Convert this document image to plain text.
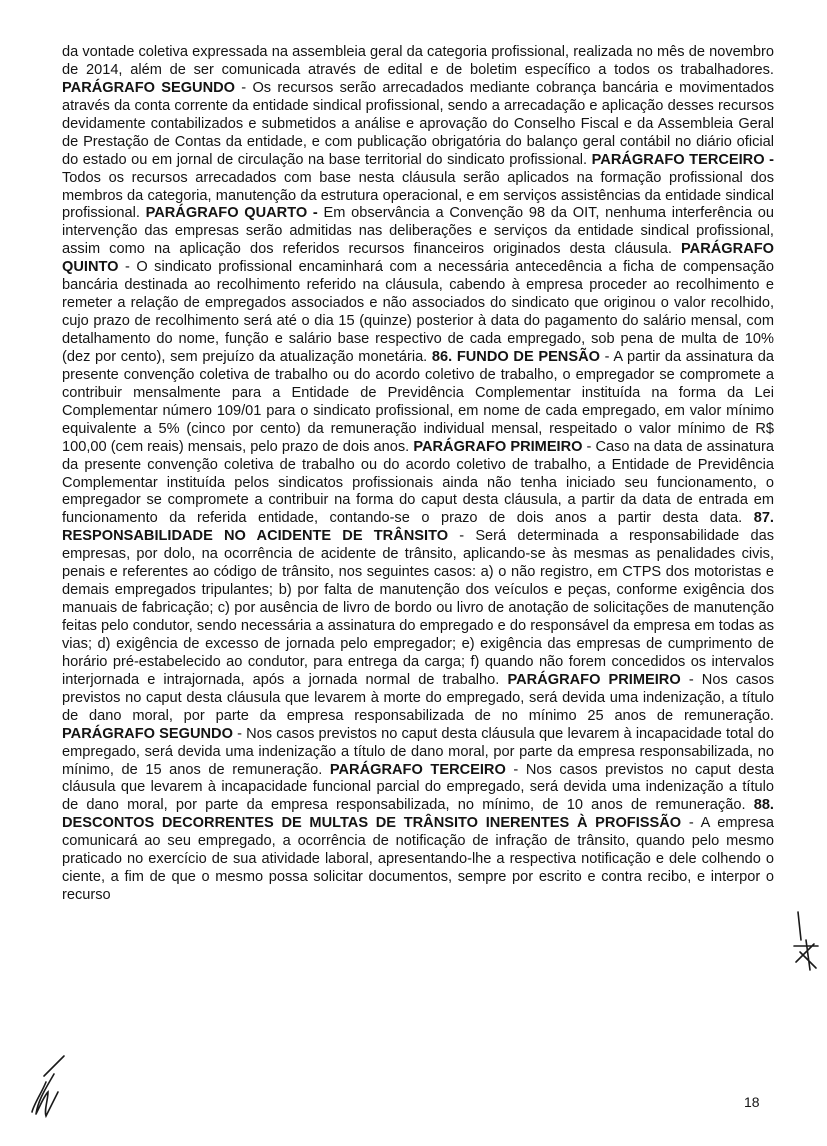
da vontade coletiva expressada na assembleia geral da categoria profissional, realizada no mês de novembro de 2014, além de ser comunicada através de edital e de boletim específico a todos os trabalhadores. PARÁGRAFO SEGUNDO - Os recursos serão arrecadados mediante cobrança bancária e movimentados através da conta corrente da entidade sindical profissional, sendo a arrecadação e aplicação desses recursos devidamente contabilizados e submetidos a análise e aprovação do Conselho Fiscal e da Assembleia Geral de Prestação de Contas da entidade, e com publicação obrigatória do balanço geral contábil no diário oficial do estado ou em jornal de circulação na base territorial do sindicato profissional. PARÁGRAFO TERCEIRO - Todos os recursos arrecadados com base nesta cláusula serão aplicados na formação profissional dos membros da categoria, manutenção da estrutura operacional, e em serviços assistências da entidade sindical profissional. PARÁGRAFO QUARTO - Em observância a Convenção 98 da OIT, nenhuma interferência ou intervenção das empresas serão admitidas nas deliberações e serviços da entidade sindical profissional, assim como na aplicação dos referidos recursos financeiros originados desta cláusula. PARÁGRAFO QUINTO - O sindicato profissional encaminhará com a necessária antecedência a ficha de compensação bancária destinada ao recolhimento referido na cláusula, cabendo à empresa proceder ao recolhimento e remeter a relação de empregados associados e não associados do sindicato que originou o valor recolhido, cujo prazo de recolhimento será até o dia 15 (quinze) posterior à data do pagamento do salário mensal, com detalhamento do nome, função e salário base respectivo de cada empregado, sob pena de multa de 10% (dez por cento), sem prejuízo da atualização monetária. 86. FUNDO DE PENSÃO - A partir da assinatura da presente convenção coletiva de trabalho ou do acordo coletivo de trabalho, o empregador se compromete a contribuir mensalmente para a Entidade de Previdência Complementar instituída na forma da Lei Complementar número 109/01 para o sindicato profissional, em nome de cada empregado, em valor mínimo equivalente a 5% (cinco por cento) da remuneração individual mensal, respeitado o valor mínimo de R$ 100,00 (cem reais) mensais, pelo prazo de dois anos. PARÁGRAFO PRIMEIRO - Caso na data de assinatura da presente convenção coletiva de trabalho ou do acordo coletivo de trabalho, a Entidade de Previdência Complementar instituída pelos sindicatos profissionais ainda não tenha iniciado seu funcionamento, o empregador se compromete a contribuir na forma do caput desta cláusula, a partir da data de entrada em funcionamento da referida entidade, contando-se o prazo de dois anos a partir desta data. 87. RESPONSABILIDADE NO ACIDENTE DE TRÂNSITO - Será determinada a responsabilidade das empresas, por dolo, na ocorrência de acidente de trânsito, aplicando-se às mesmas as penalidades civis, penais e referentes ao código de trânsito, nos seguintes casos: a) o não registro, em CTPS dos motoristas e demais empregados tripulantes; b) por falta de manutenção dos veículos e peças, conforme exigência dos manuais de fabricação; c) por ausência de livro de bordo ou livro de anotação de solicitações de manutenção feitas pelo condutor, sendo necessária a assinatura do empregado e do responsável da empresa em todas as vias; d) exigência de excesso de jornada pelo empregador; e) exigência das empresas de cumprimento de horário pré-estabelecido ao condutor, para entrega da carga; f) quando não forem concedidos os intervalos interjornada e intrajornada, após a jornada normal de trabalho. PARÁGRAFO PRIMEIRO - Nos casos previstos no caput desta cláusula que levarem à morte do empregado, será devida uma indenização, a título de dano moral, por parte da empresa responsabilizada de no mínimo 25 anos de remuneração. PARÁGRAFO SEGUNDO - Nos casos previstos no caput desta cláusula que levarem à incapacidade total do empregado, será devida uma indenização a título de dano moral, por parte da empresa responsabilizada, no mínimo, de 15 anos de remuneração. PARÁGRAFO TERCEIRO - Nos casos previstos no caput desta cláusula que levarem à incapacidade funcional parcial do empregado, será devida uma indenização a título de dano moral, por parte da empresa responsabilizada, no mínimo, de 10 anos de remuneração. 88. DESCONTOS DECORRENTES DE MULTAS DE TRÂNSITO INERENTES À PROFISSÃO - A empresa comunicará ao seu empregado, a ocorrência de notificação de infração de trânsito, quando pelo mesmo praticado no exercício de sua atividade laboral, apresentando-lhe a respectiva notificação e dele colhendo o ciente, a fim de que o mesmo possa solicitar documentos, sempre por escrito e contra recibo, e interpor o recurso

18
